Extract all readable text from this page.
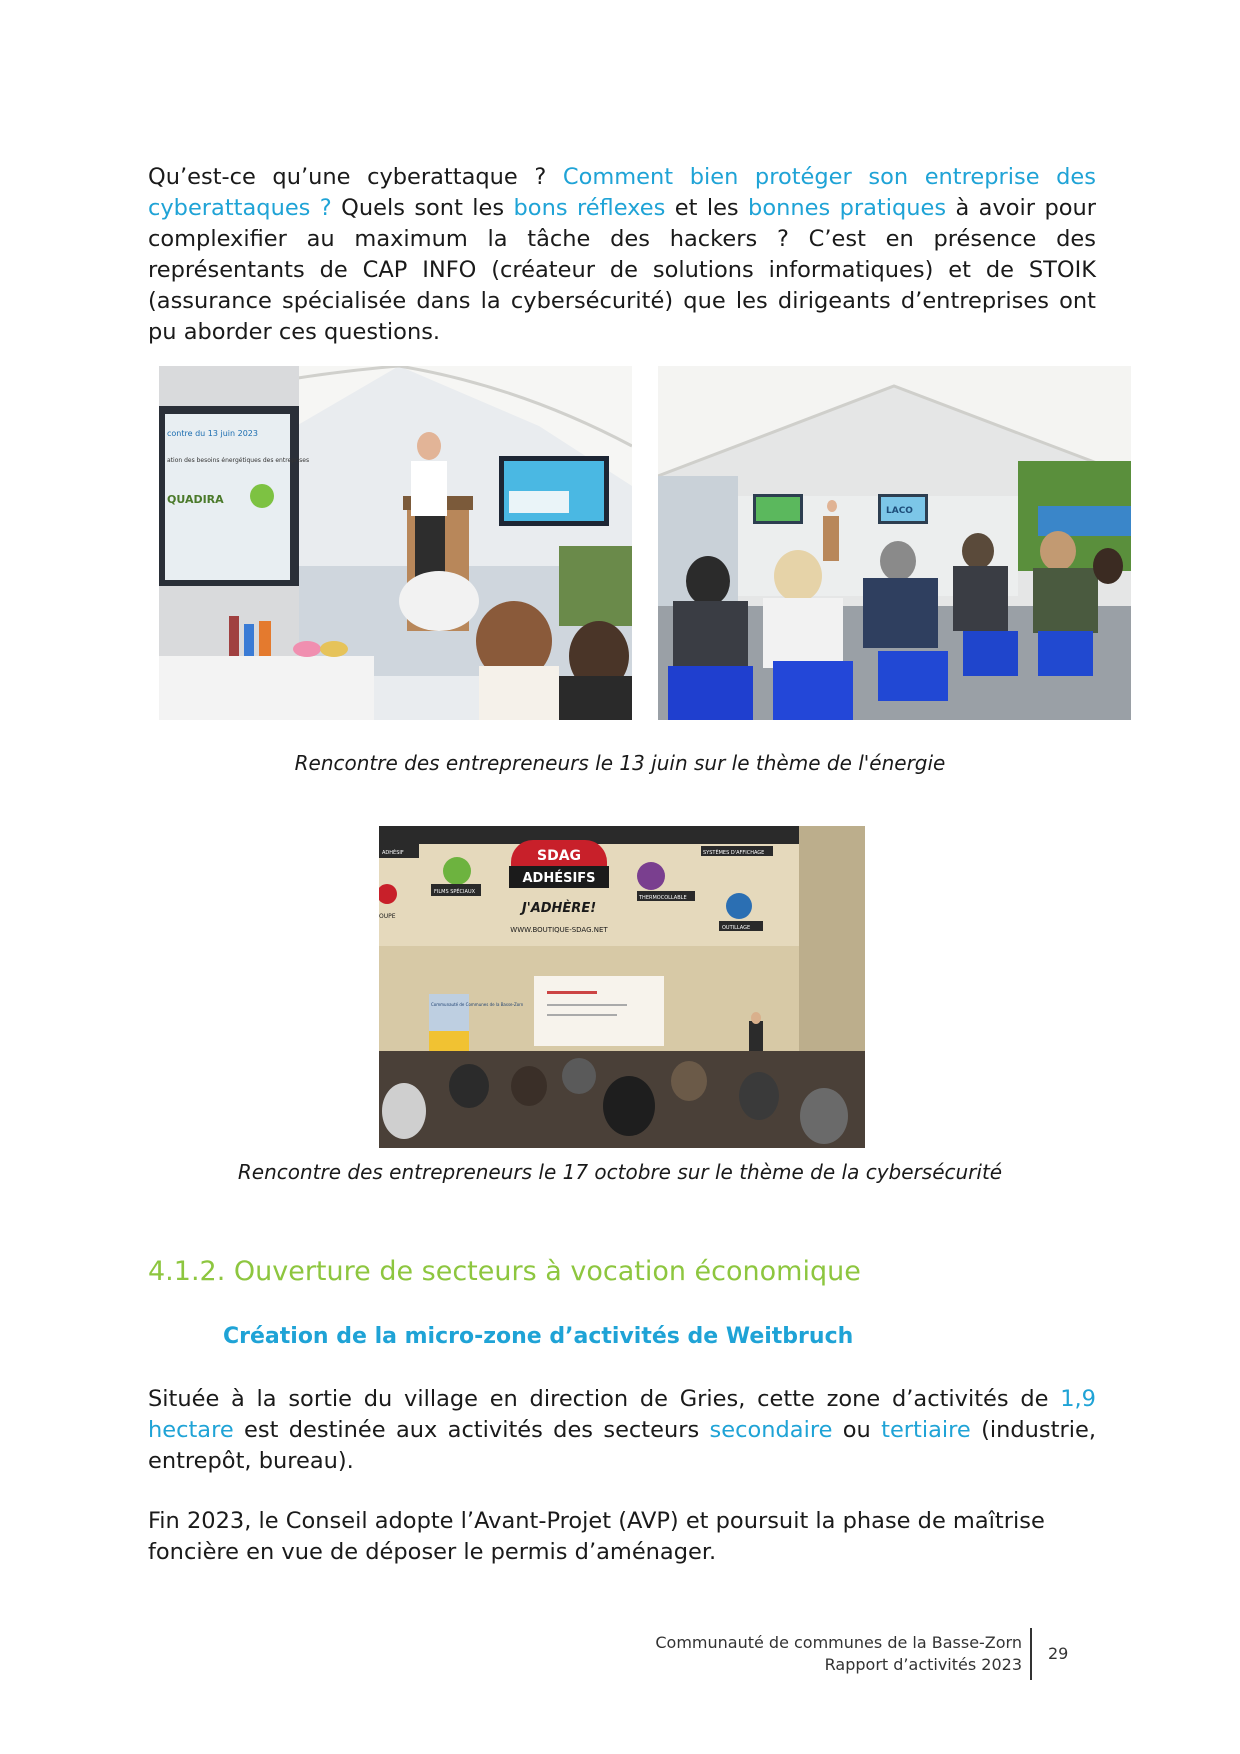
Qu’est-ce qu’une cyberattaque ? Comment bien protéger son entreprise des cyberattaques ? Quels sont les bons réflexes et les bonnes pratiques à avoir pour complexifier au maximum la tâche des hackers ? C’est en présence des représentants de CAP INFO (créateur de solutions informatiques) et de STOIK (assurance spécialisée dans la cybersécurité) que les dirigeants d’entreprises ont pu aborder ces questions.

contre du 13 juin 2023
ation des besoins énergétiques des entreprises
QUADIRA
LACO

Rencontre des entrepreneurs le 13 juin sur le thème de l'énergie

SDAG
ADHÉSIFS
J'ADHÈRE!
WWW.BOUTIQUE-SDAG.NET
FILMS SPÉCIAUX
THERMOCOLLABLE
SYSTÈMES D'AFFICHAGE
OUTILLAGE
ADHÉSIF
OUPE
Communauté de Communes de la Basse-Zorn

Rencontre des entrepreneurs le 17 octobre sur le thème de la cybersécurité

4.1.2. Ouverture de secteurs à vocation économique
Création de la micro-zone d’activités de Weitbruch

Située à la sortie du village en direction de Gries, cette zone d’activités de 1,9 hectare est destinée aux activités des secteurs secondaire ou tertiaire (industrie, entrepôt, bureau).

Fin 2023, le Conseil adopte l’Avant-Projet (AVP) et poursuit la phase de maîtrise foncière en vue de déposer le permis d’aménager.

Communauté de communes de la Basse-Zorn
Rapport d’activités 2023
29
